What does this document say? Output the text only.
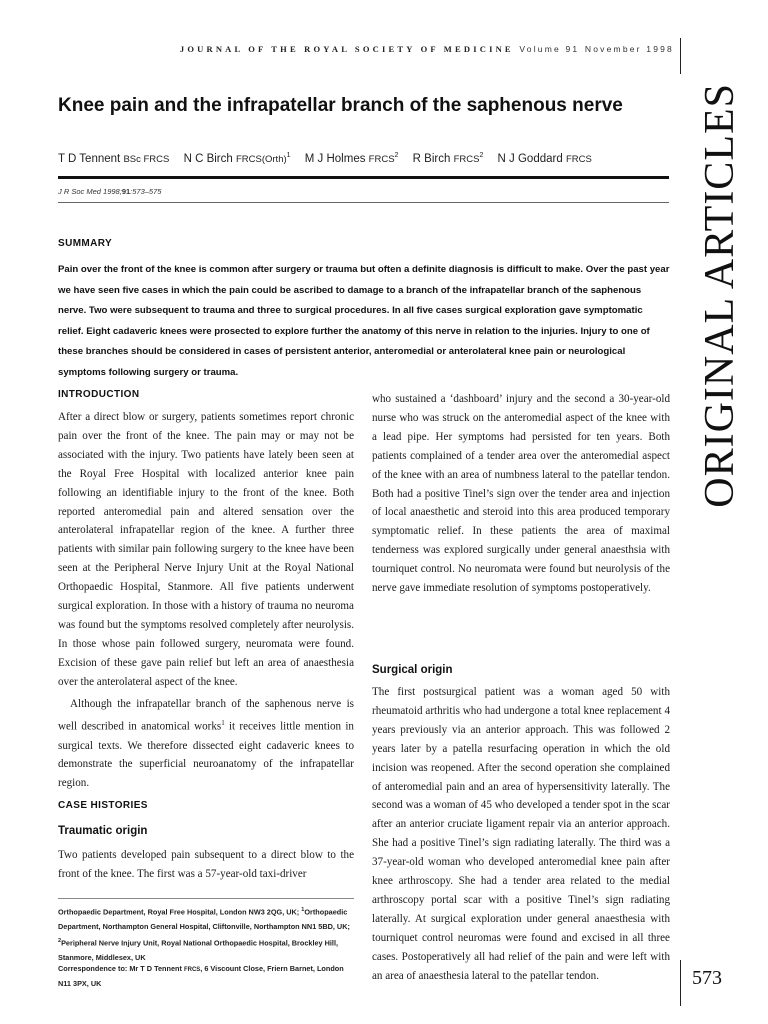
JOURNAL OF THE ROYAL SOCIETY OF MEDICINE Volume 91 November 1998
ORIGINAL ARTICLES
Knee pain and the infrapatellar branch of the saphenous nerve

T D Tennent BSc FRCS N C Birch FRCS(Orth)$^1$ M J Holmes FRCS$^2$ R Birch FRCS$^2$ N J Goddard FRCS

J R Soc Med 1998;91:573–575
SUMMARY

Pain over the front of the knee is common after surgery or trauma but often a definite diagnosis is difficult to make. Over the past year we have seen five cases in which the pain could be ascribed to damage to a branch of the infrapatellar branch of the saphenous nerve. Two were subsequent to trauma and three to surgical procedures. In all five cases surgical exploration gave symptomatic relief. Eight cadaveric knees were prosected to explore further the anatomy of this nerve in relation to the injuries. Injury to one of these branches should be considered in cases of persistent anterior, anteromedial or anterolateral knee pain or neurological symptoms following surgery or trauma.

INTRODUCTION

After a direct blow or surgery, patients sometimes report chronic pain over the front of the knee. The pain may or may not be associated with the injury. Two patients have lately been seen at the Royal Free Hospital with localized anterior knee pain following an identifiable injury to the front of the knee. Both reported anteromedial pain and altered sensation over the anterolateral infrapatellar region of the knee. A further three patients with similar pain following surgery to the knee have been seen at the Peripheral Nerve Injury Unit at the Royal National Orthopaedic Hospital, Stanmore. All five patients underwent surgical exploration. In those with a history of trauma no neuroma was found but the symptoms resolved completely after neurolysis. In those whose pain followed surgery, neuromata were found. Excision of these gave pain relief but left an area of anaesthesia over the anterolateral aspect of the knee.

Although the infrapatellar branch of the saphenous nerve is well described in anatomical works$^1$ it receives little mention in surgical texts. We therefore dissected eight cadaveric knees to demonstrate the superficial neuroanatomy of the infrapatellar region.

CASE HISTORIES
Traumatic origin

Two patients developed pain subsequent to a direct blow to the front of the knee. The first was a 57-year-old taxi-driver

Orthopaedic Department, Royal Free Hospital, London NW3 2QG, UK; $^1$Orthopaedic Department, Northampton General Hospital, Cliftonville, Northampton NN1 5BD, UK; $^2$Peripheral Nerve Injury Unit, Royal National Orthopaedic Hospital, Brockley Hill, Stanmore, Middlesex, UK

Correspondence to: Mr T D Tennent FRCS, 6 Viscount Close, Friern Barnet, London N11 3PX, UK

who sustained a ‘dashboard’ injury and the second a 30-year-old nurse who was struck on the anteromedial aspect of the knee with a lead pipe. Her symptoms had persisted for ten years. Both patients complained of a tender area over the anteromedial aspect of the knee with an area of numbness lateral to the patellar tendon. Both had a positive Tinel’s sign over the tender area and injection of local anaesthetic and steroid into this area produced temporary symptomatic relief. In these patients the area of maximal tenderness was explored surgically under general anaesthsia with tourniquet control. No neuromata were found but neurolysis of the nerve gave immediate resolution of symptoms postoperatively.

Surgical origin

The first postsurgical patient was a woman aged 50 with rheumatoid arthritis who had undergone a total knee replacement 4 years previously via an anterior approach. This was followed 2 years later by a patella resurfacing operation in which the old incision was reopened. After the second operation she complained of anteromedial pain and an area of hypersensitivity laterally. The second was a woman of 45 who developed a tender spot in the scar after an anterior cruciate ligament repair via an anterior approach. She had a positive Tinel’s sign radiating laterally. The third was a 37-year-old woman who developed anteromedial knee pain after knee arthroscopy. She had a tender area related to the medial arthroscopy portal scar with a positive Tinel’s sign radiating laterally. At surgical exploration under general anaesthesia with tourniquet control neuromas were found and excised in all three cases. Postoperatively all had relief of the pain and were left with an area of anaesthesia lateral to the patellar tendon.	573
